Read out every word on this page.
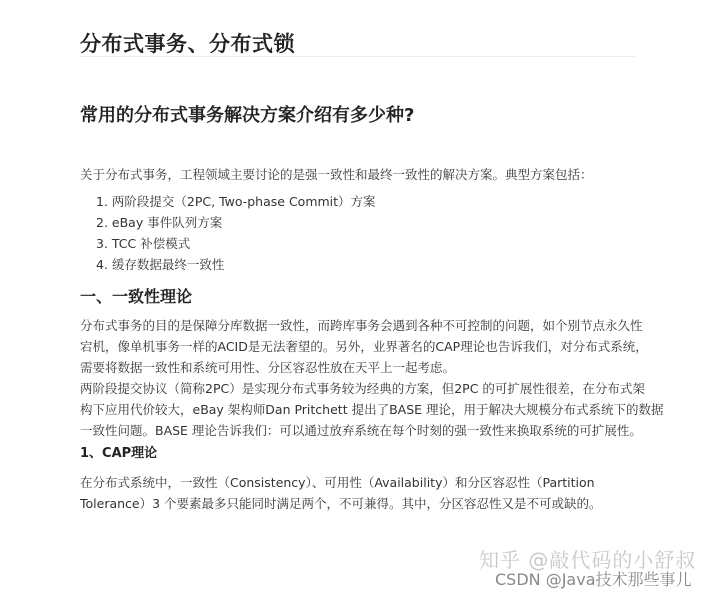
分布式事务、分布式锁
常用的分布式事务解决方案介绍有多少种?
关于分布式事务，工程领域主要讨论的是强一致性和最终一致性的解决方案。典型方案包括：
1. 两阶段提交（2PC, Two-phase Commit）方案
2. eBay 事件队列方案
3. TCC 补偿模式
4. 缓存数据最终一致性
一、一致性理论
分布式事务的目的是保障分库数据一致性，而跨库事务会遇到各种不可控制的问题，如个别节点永久性
宕机，像单机事务一样的ACID是无法奢望的。另外，业界著名的CAP理论也告诉我们，对分布式系统，
需要将数据一致性和系统可用性、分区容忍性放在天平上一起考虑。
两阶段提交协议（简称2PC）是实现分布式事务较为经典的方案，但2PC 的可扩展性很差，在分布式架
构下应用代价较大，eBay 架构师Dan Pritchett 提出了BASE 理论，用于解决大规模分布式系统下的数据
一致性问题。BASE 理论告诉我们：可以通过放弃系统在每个时刻的强一致性来换取系统的可扩展性。
1、CAP理论
在分布式系统中，一致性（Consistency）、可用性（Availability）和分区容忍性（Partition
Tolerance）3 个要素最多只能同时满足两个，不可兼得。其中，分区容忍性又是不可或缺的。
知乎 @敲代码的小舒叔
CSDN @Java技术那些事儿
